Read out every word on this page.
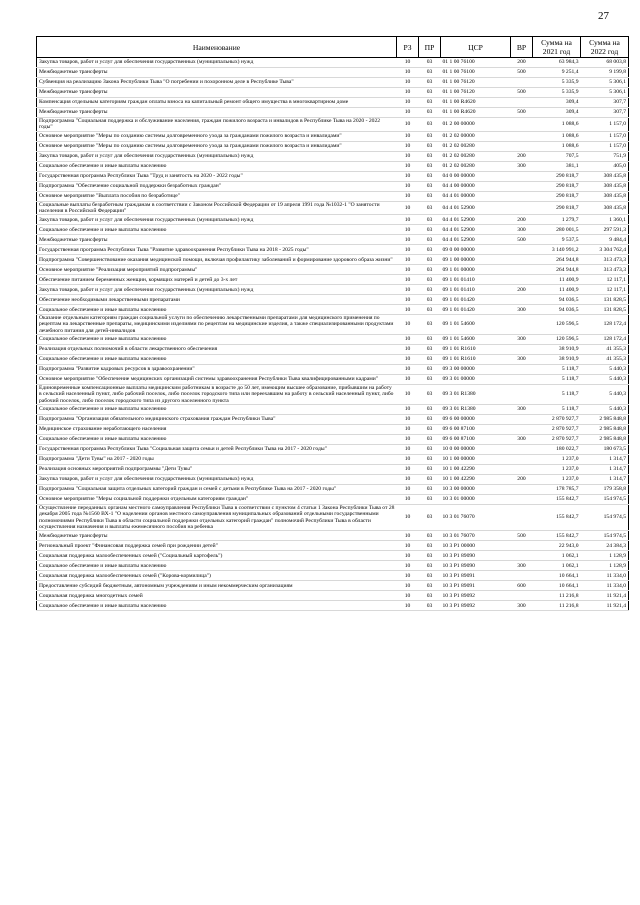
27
Наименование	РЗ	ПР	ЦСР	ВР	Сумма на 2021 год	Сумма на 2022 год
Закупка товаров, работ и услуг для обеспечения государственных (муниципальных) нужд	10	03	01 1 00 76100	200	63 984,3	68 003,8
Межбюджетные трансферты	10	03	01 1 00 76100	500	9 251,4	9 199,8
Субвенция на реализацию Закона Республики Тыва "О погребении и похоронном деле в Республике Тыва"	10	03	01 1 00 76120		5 335,9	5 306,1
Межбюджетные трансферты	10	03	01 1 00 76120	500	5 335,9	5 306,1
Компенсация отдельным категориям граждан оплаты взноса на капитальный ремонт общего имущества в многоквартирном доме	10	03	01 1 00 R4620		309,4	307,7
Межбюджетные трансферты	10	03	01 1 00 R4620	500	309,4	307,7
Подпрограмма "Социальная поддержка и обслуживание населения, граждан пожилого возраста и инвалидов в Республике Тыва на 2020 - 2022 годы"	10	03	01 2 00 00000		1 088,6	1 157,0
Основное мероприятие "Меры по созданию системы долговременного ухода за гражданами пожилого возраста и инвалидами"	10	03	01 2 02 00000		1 088,6	1 157,0
Основное мероприятие "Меры по созданию системы долговременного ухода за гражданами пожилого возраста и инвалидами"	10	03	01 2 02 00280		1 088,6	1 157,0
Закупка товаров, работ и услуг для обеспечения государственных (муниципальных) нужд	10	03	01 2 02 00280	200	707,5	751,9
Социальное обеспечение и иные выплаты населению	10	03	01 2 02 00280	300	381,1	405,0
Государственная программа Республики Тыва "Труд и занятость на 2020 - 2022 годы"	10	03	04 0 00 00000		290 818,7	308 435,8
Подпрограмма "Обеспечение социальной поддержки безработных граждан"	10	03	04 4 00 00000		290 818,7	308 435,8
Основное мероприятие "Выплата пособия по безработице"	10	03	04 4 01 00000		290 818,7	308 435,8
Социальные выплаты безработным гражданам в соответствии с Законом Российской Федерации от 19 апреля 1991 года №1032-1 "О занятости населения в Российской Федерации"	10	03	04 4 01 52900		290 818,7	308 435,8
Закупка товаров, работ и услуг для обеспечения государственных (муниципальных) нужд	10	03	04 4 01 52900	200	1 279,7	1 360,1
Социальное обеспечение и иные выплаты населению	10	03	04 4 01 52900	300	280 001,5	297 591,3
Межбюджетные трансферты	10	03	04 4 01 52900	500	9 537,5	9 484,4
Государственная программа Республики Тыва "Развитие здравоохранения Республики Тыва на 2018 - 2025 годы"	10	03	09 0 00 00000		3 140 991,2	3 304 762,4
Подпрограмма "Совершенствование оказания медицинской помощи, включая профилактику заболеваний и формирование здорового образа жизни"	10	03	09 1 00 00000		264 944,8	313 473,3
Основное мероприятие "Реализация мероприятий подпрограммы"	10	03	09 1 01 00000		264 944,8	313 473,3
Обеспечение питанием беременных женщин, кормящих матерей и детей до 3-х лет	10	03	09 1 01 01410		11 400,9	12 117,1
Закупка товаров, работ и услуг для обеспечения государственных (муниципальных) нужд	10	03	09 1 01 01410	200	11 400,9	12 117,1
Обеспечение необходимыми лекарственными препаратами	10	03	09 1 01 01420		94 036,5	131 828,5
Социальное обеспечение и иные выплаты населению	10	03	09 1 01 01420	300	94 036,5	131 828,5
Оказание отдельным категориям граждан социальной услуги по обеспечению лекарственными препаратами для медицинского применения по рецептам на лекарственные препараты, медицинскими изделиями по рецептам на медицинские изделия, а также специализированными продуктами лечебного питания для детей-инвалидов	10	03	09 1 01 54600		120 596,5	128 172,4
Социальное обеспечение и иные выплаты населению	10	03	09 1 01 54600	300	120 596,5	128 172,4
Реализация отдельных полномочий в области лекарственного обеспечения	10	03	09 1 01 R1610		38 910,9	41 355,3
Социальное обеспечение и иные выплаты населению	10	03	09 1 01 R1610	300	38 910,9	41 355,3
Подпрограмма "Развитие кадровых ресурсов в здравоохранении"	10	03	09 3 00 00000		5 118,7	5 440,3
Основное мероприятие "Обеспечение медицинских организаций системы здравоохранения Республики Тыва квалифицированными кадрами"	10	03	09 3 01 00000		5 118,7	5 440,3
Единовременные компенсационные выплаты медицинским работникам в возрасте до 50 лет, имеющим высшее образование, прибывшим на работу в сельский населенный пункт, либо рабочий поселок, либо поселок городского типа или переехавшим на работу в сельский населенный пункт, либо рабочий поселок, либо поселок городского типа из другого населенного пункта	10	03	09 3 01 R1380		5 118,7	5 440,3
Социальное обеспечение и иные выплаты населению	10	03	09 3 01 R1380	300	5 118,7	5 440,3
Подпрограмма "Организация обязательного медицинского страхования граждан Республики Тыва"	10	03	09 6 00 00000		2 870 927,7	2 985 848,8
Медицинское страхование неработающего населения	10	03	09 6 00 87100		2 870 927,7	2 985 848,8
Социальное обеспечение и иные выплаты населению	10	03	09 6 00 87100	300	2 870 927,7	2 985 848,8
Государственная программа Республики Тыва "Социальная защита семьи и детей Республики Тыва на 2017 - 2020 годы"	10	03	10 0 00 00000		180 022,7	180 673,5
Подпрограмма "Дети Тувы" на 2017 - 2020 годы	10	03	10 1 00 00000		1 237,0	1 314,7
Реализация основных мероприятий подпрограммы "Дети Тувы"	10	03	10 1 00 42290		1 237,0	1 314,7
Закупка товаров, работ и услуг для обеспечения государственных (муниципальных) нужд	10	03	10 1 00 42290	200	1 237,0	1 314,7
Подпрограмма "Социальная защита отдельных категорий граждан и семей с детьми в Республике Тыва на 2017 - 2020 годы"	10	03	10 3 00 00000		178 785,7	179 358,8
Основное мероприятие "Меры социальной поддержки отдельным категориям граждан"	10	03	10 3 01 00000		155 842,7	154 974,5
Осуществление переданных органам местного самоуправления Республики Тыва в соответствии с пунктом 4 статьи 1 Закона Республики Тыва от 28 декабря 2005 года №1560 ВХ-1 "О наделении органов местного самоуправления муниципальных образований отдельными государственными полномочиями Республики Тыва в области социальной поддержки отдельных категорий граждан" полномочий Республики Тыва в области осуществления назначения и выплаты ежемесячного пособия на ребенка	10	03	10 3 01 76070		155 842,7	154 974,5
Межбюджетные трансферты	10	03	10 3 01 76070	500	155 842,7	154 974,5
Региональный проект "Финансовая поддержка семей при рождении детей"	10	03	10 3 P1 00000		22 943,0	24 384,3
Социальная поддержка малообеспеченных семей ("Социальный картофель")	10	03	10 3 P1 89090		1 062,1	1 128,9
Социальное обеспечение и иные выплаты населению	10	03	10 3 P1 89090	300	1 062,1	1 128,9
Социальная поддержка малообеспеченных семей ("Корова-кормилица")	10	03	10 3 P1 89091		10 664,1	11 334,0
Предоставление субсидий бюджетным, автономным учреждениям и иным некоммерческим организациям	10	03	10 3 P1 89091	600	10 664,1	11 334,0
Социальная поддержка многодетных семей	10	03	10 3 P1 89092		11 216,8	11 921,4
Социальное обеспечение и иные выплаты населению	10	03	10 3 P1 89092	300	11 216,8	11 921,4
